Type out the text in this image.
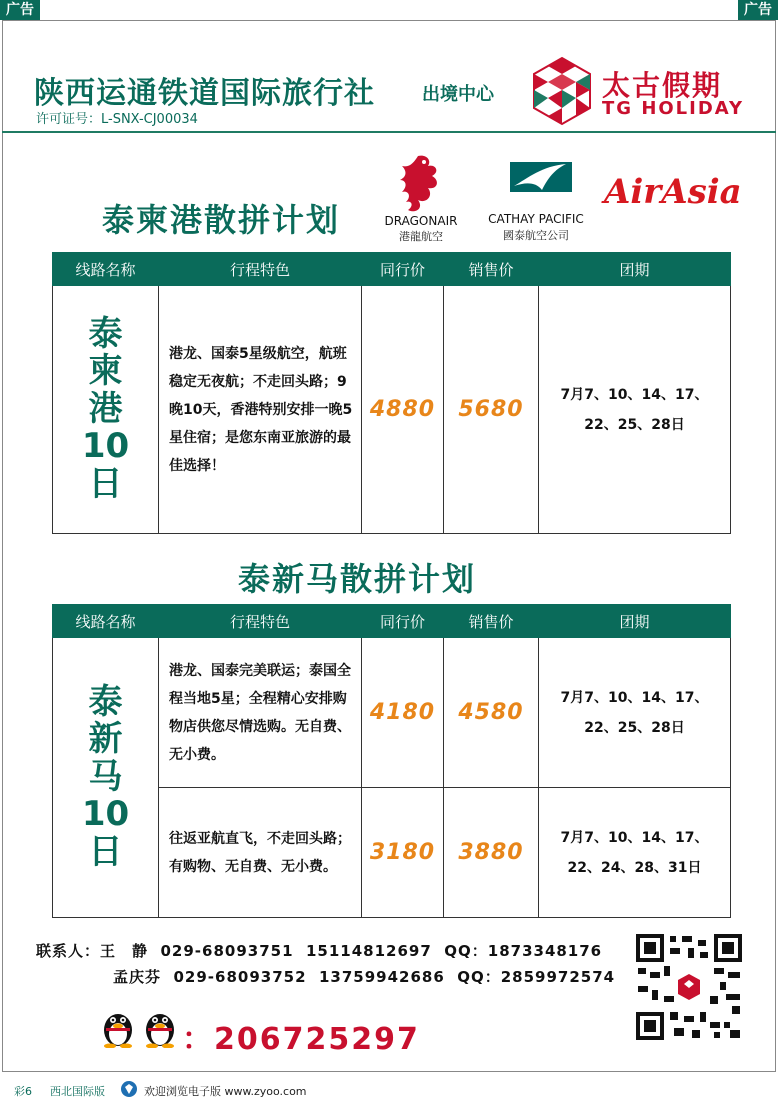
广告	广告
陕西运通铁道国际旅行社	出境中心
许可证号：L-SNX-CJ00034
太古假期
TG HOLIDAY
泰柬港散拼计划	DRAGONAIR
港龍航空
CATHAY PACIFIC
國泰航空公司
AirAsia
线路名称	行程特色	同行价	销售价	团期

泰
柬
港
10
日	港龙、国泰5星级航空，航班稳定无夜航；不走回头路；9晚10天，香港特别安排一晚5星住宿；是您东南亚旅游的最佳选择！	4880	5680	7月7、10、14、17、22、25、28日
泰新马散拼计划
线路名称	行程特色	同行价	销售价	团期

泰
新
马
10
日	港龙、国泰完美联运；泰国全程当地5星；全程精心安排购物店供您尽情选购。无自费、无小费。	4180	4580	7月7、10、14、17、22、25、28日
	往返亚航直飞，不走回头路；有购物、无自费、无小费。	3180	3880	7月7、10、14、17、22、24、28、31日
联系人：王　静 029-68093751 15114812697 QQ：1873348176
孟庆芬 029-68093752 13759942686 QQ：2859972574
：206725297
彩6 西北国际版	欢迎浏览电子版 www.zyoo.com
